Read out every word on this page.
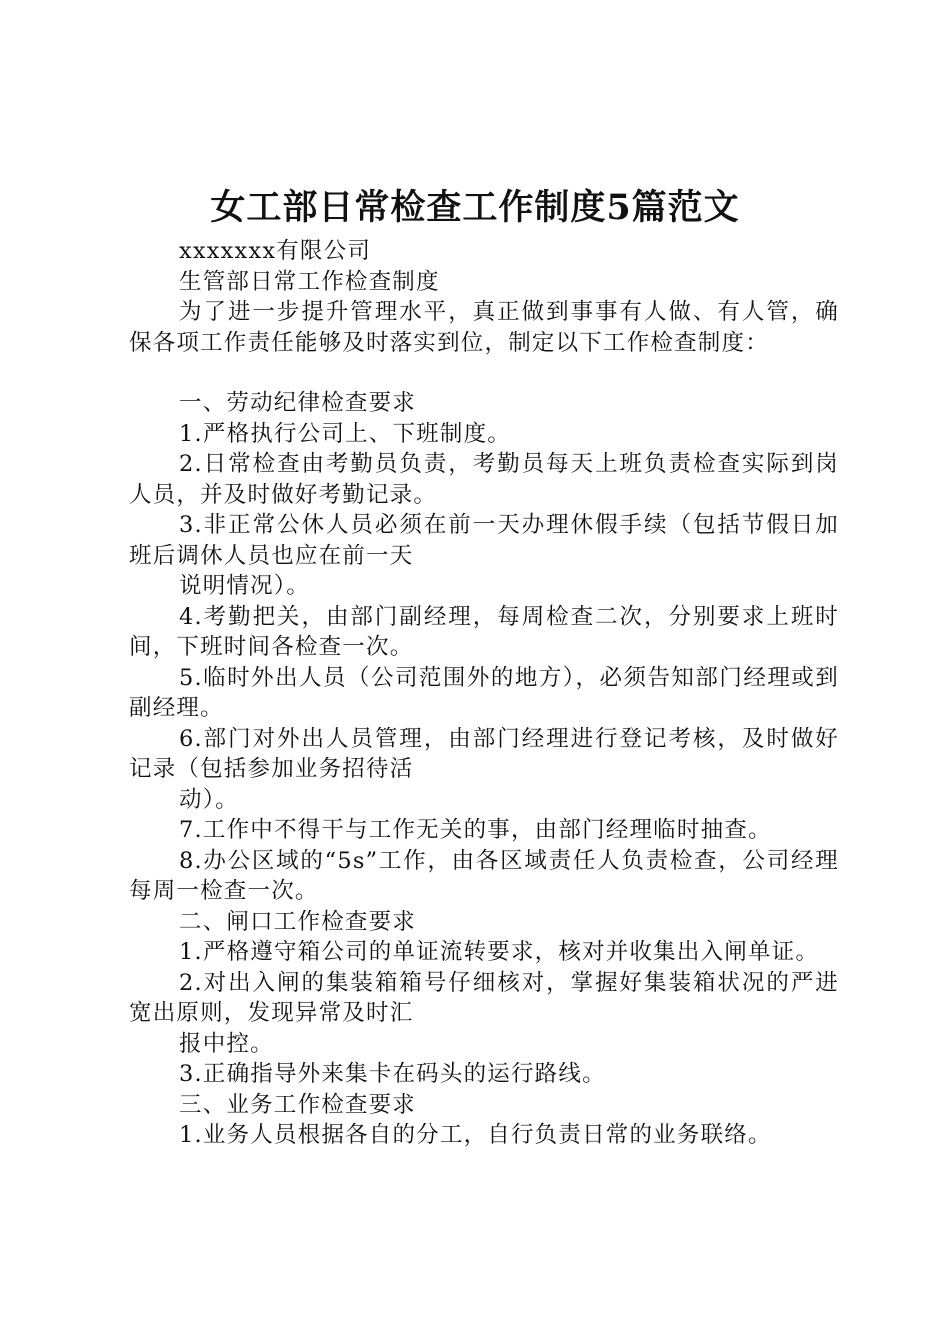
女工部日常检查工作制度5篇范文

xxxxxxx有限公司

生管部日常工作检查制度

为了进一步提升管理水平，真正做到事事有人做、有人管，确保各项工作责任能够及时落实到位，制定以下工作检查制度：

一、劳动纪律检查要求

1.严格执行公司上、下班制度。

2.日常检查由考勤员负责，考勤员每天上班负责检查实际到岗人员，并及时做好考勤记录。

3.非正常公休人员必须在前一天办理休假手续（包括节假日加班后调休人员也应在前一天

说明情况）。

4.考勤把关，由部门副经理，每周检查二次，分别要求上班时间，下班时间各检查一次。

5.临时外出人员（公司范围外的地方），必须告知部门经理或到副经理。

6.部门对外出人员管理，由部门经理进行登记考核，及时做好记录（包括参加业务招待活

动）。

7.工作中不得干与工作无关的事，由部门经理临时抽查。

8.办公区域的“5s”工作，由各区域责任人负责检查，公司经理每周一检查一次。

二、闸口工作检查要求

1.严格遵守箱公司的单证流转要求，核对并收集出入闸单证。

2.对出入闸的集装箱箱号仔细核对，掌握好集装箱状况的严进宽出原则，发现异常及时汇

报中控。

3.正确指导外来集卡在码头的运行路线。

三、业务工作检查要求

1.业务人员根据各自的分工，自行负责日常的业务联络。
